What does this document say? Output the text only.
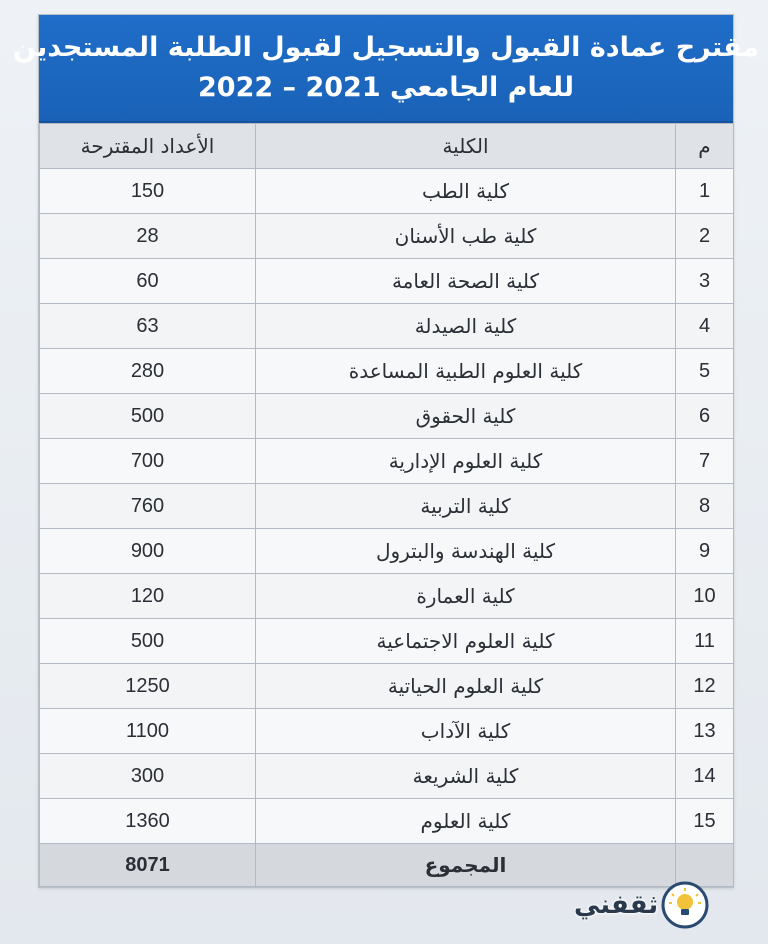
مقترح عمادة القبول والتسجيل لقبول الطلبة المستجدين
للعام الجامعي 2021 – 2022
م	الكلية	الأعداد المقترحة
1	كلية الطب	150
2	كلية طب الأسنان	28
3	كلية الصحة العامة	60
4	كلية الصيدلة	63
5	كلية العلوم الطبية المساعدة	280
6	كلية الحقوق	500
7	كلية العلوم الإدارية	700
8	كلية التربية	760
9	كلية الهندسة والبترول	900
10	كلية العمارة	120
11	كلية العلوم الاجتماعية	500
12	كلية العلوم الحياتية	1250
13	كلية الآداب	1100
14	كلية الشريعة	300
15	كلية العلوم	1360
	المجموع	8071
ثقفني
